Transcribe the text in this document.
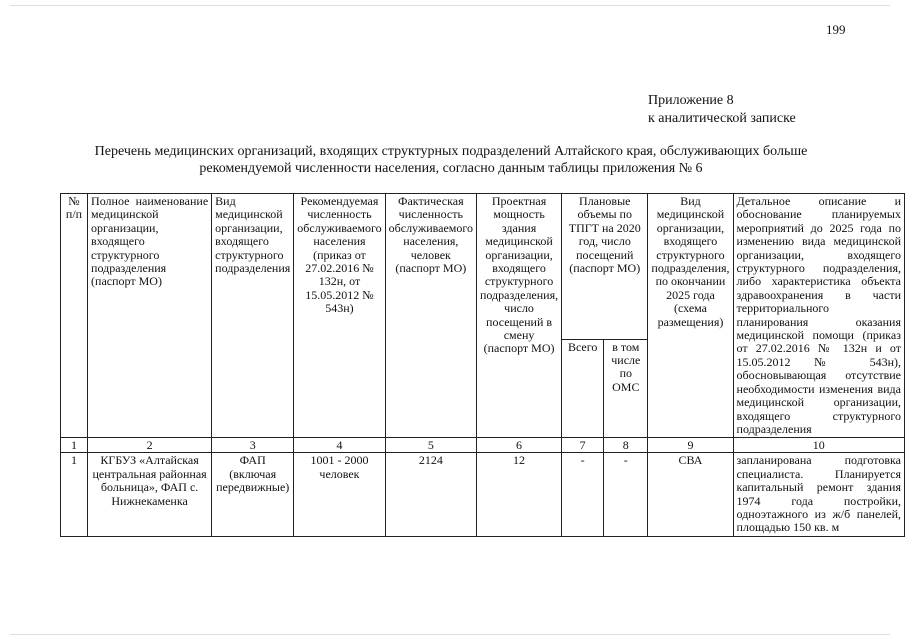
199
Приложение 8
к аналитической записке
Перечень медицинских организаций, входящих структурных подразделений Алтайского края, обслуживающих больше
рекомендуемой численности населения, согласно данным таблицы приложения № 6
№ п/п	Полное наименование медицинской организации, входящего структурного подразделения (паспорт МО)	Вид медицинской организации, входящего структурного подразделения	Рекомендуемая численность обслуживаемого населения (приказ от 27.02.2016 № 132н, от 15.05.2012 № 543н)	Фактическая численность обслуживаемого населения, человек (паспорт МО)	Проектная мощность здания медицинской организации, входящего структурного подразделения, число посещений в смену (паспорт МО)	Плановые объемы по ТПГТ на 2020 год, число посещений (паспорт МО)		Вид медицинской организации, входящего структурного подразделения, по окончании 2025 года (схема размещения)	Детальное описание и обоснование планируемых мероприятий до 2025 года по изменению вида медицинской организации, входящего структурного подразделения, либо характеристика объекта здравоохранения в части территориального планирования оказания медицинской помощи (приказ от 27.02.2016 № 132н и от 15.05.2012 № 543н), обосновывающая отсутствие необходимости изменения вида медицинской организации, входящего структурного подразделения
						Всего	в том числе по ОМС		
1	2	3	4	5	6	7	8	9	10
1	КГБУЗ «Алтайская центральная районная больница», ФАП с. Нижнекаменка	ФАП (включая передвижные)	1001 - 2000 человек	2124	12	-	-	СВА	запланирована подготовка специалиста. Планируется капитальный ремонт здания 1974 года постройки, одноэтажного из ж/б панелей, площадью 150 кв. м
